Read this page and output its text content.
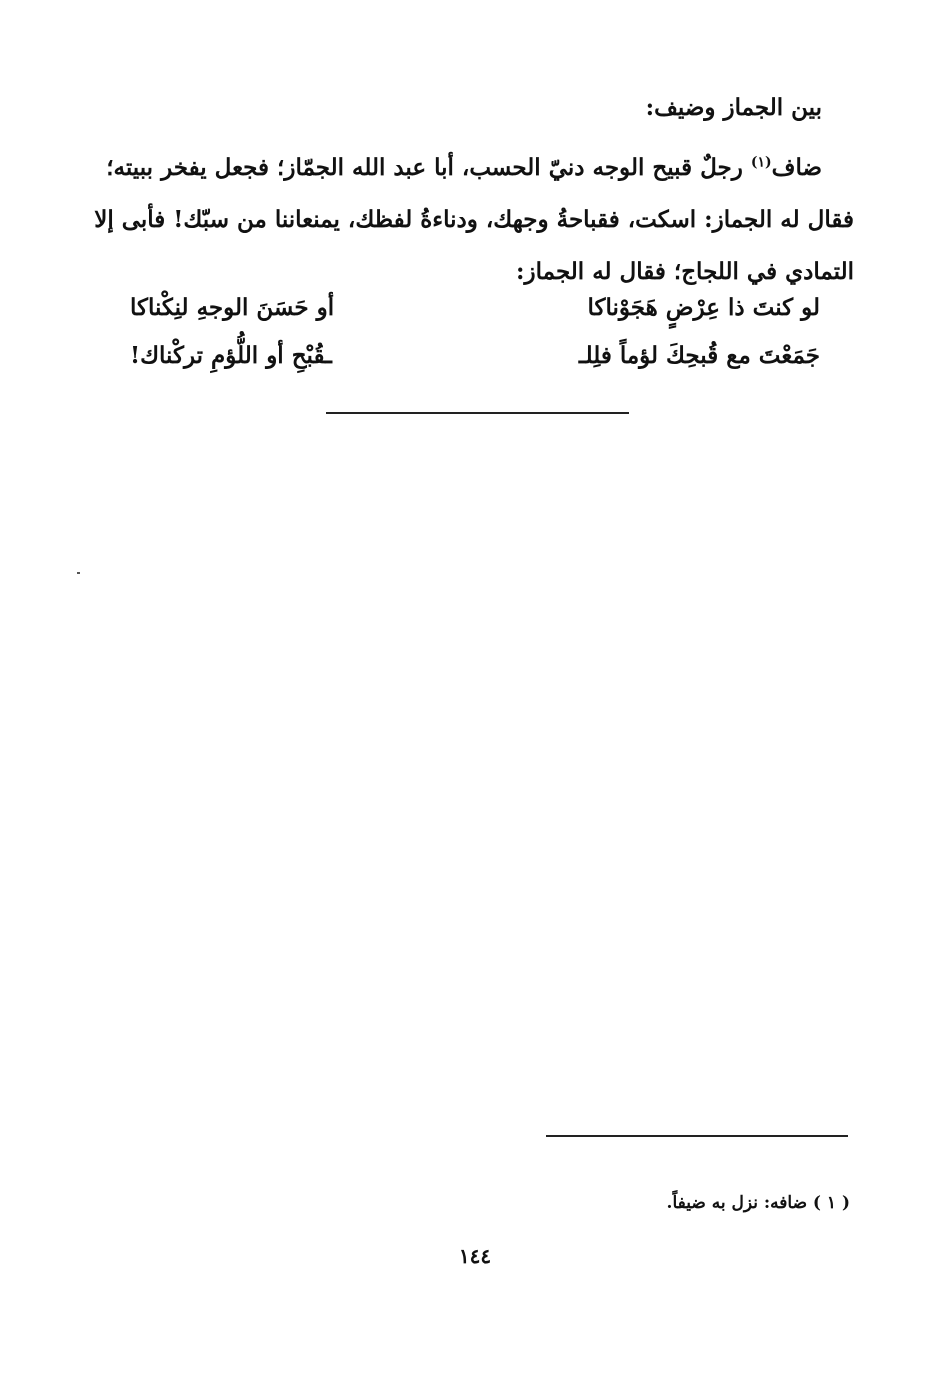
بين الجماز وضيف:
ضاف$^{(١)}$ رجلٌ قبيح الوجه دنيّ الحسب، أبا عبد الله الجمّاز؛ فجعل يفخر ببيته؛
فقال له الجماز: اسكت، فقباحةُ وجهك، ودناءةُ لفظك، يمنعاننا من سبّك! فأبى إلا
التمادي في اللجاج؛ فقال له الجماز:
لو كنتَ ذا عِرْضٍ هَجَوْناكا
أو حَسَنَ الوجهِ لنِكْناكا
جَمَعْتَ مع قُبحِكَ لؤماً فلِلـ
ـقُبْحِ أو اللُّؤمِ تركْناك!
( ١ ) ضافه: نزل به ضيفاً.
١٤٤
